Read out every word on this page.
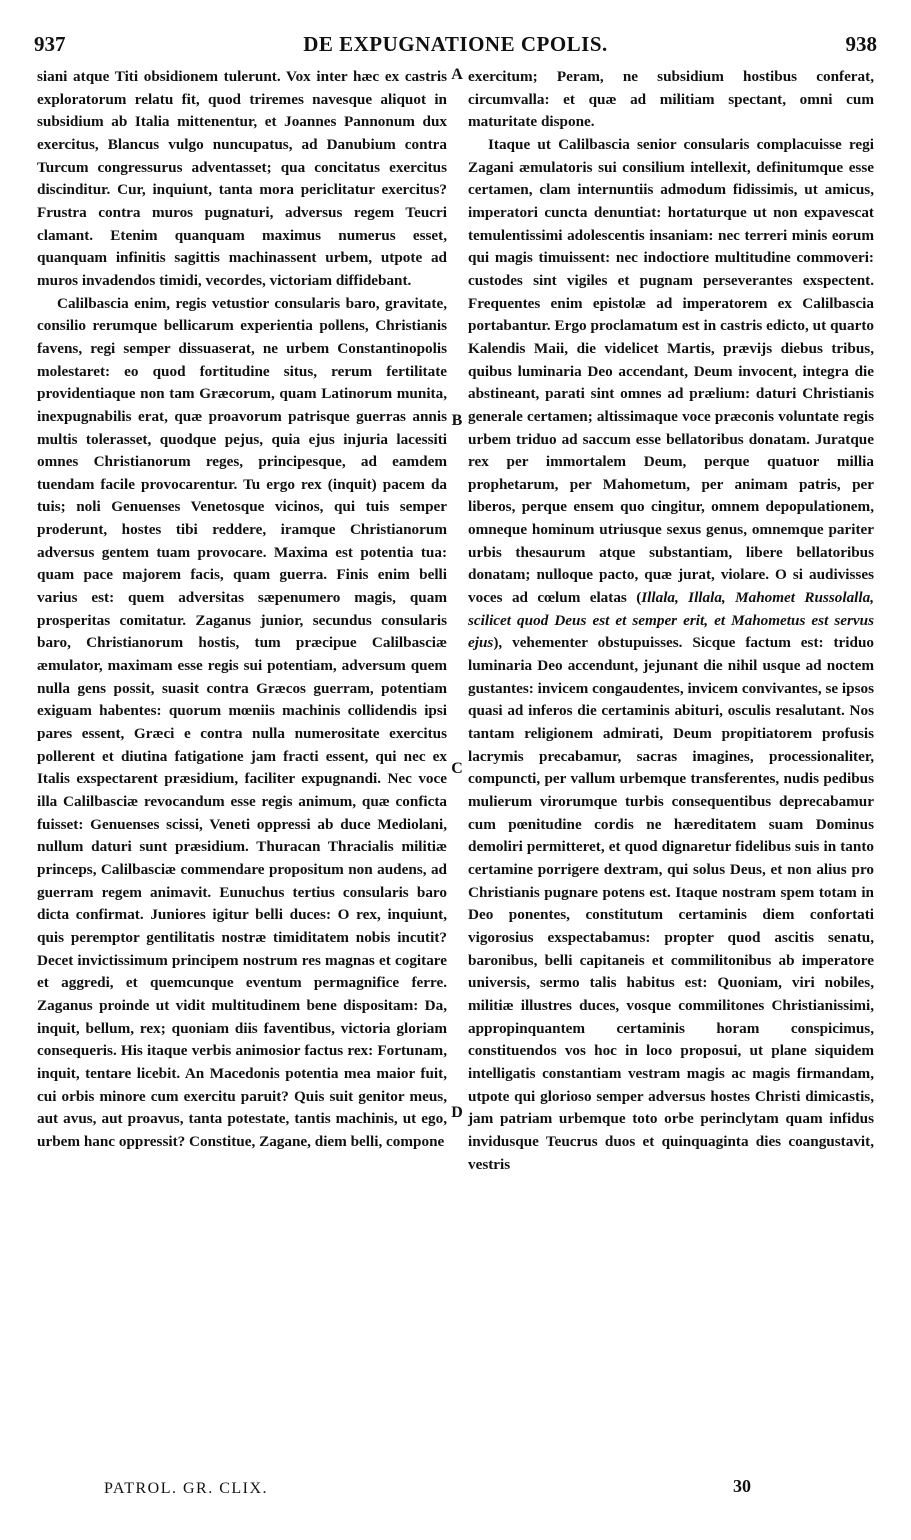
937	DE EXPUGNATIONE CPOLIS.	938

siani atque Titi obsidionem tulerunt. Vox inter hæc ex castris exploratorum relatu fit, quod triremes navesque aliquot in subsidium ab Italia mittenentur, et Joannes Pannonum dux exercitus, Blancus vulgo nuncupatus, ad Danubium contra Turcum congressurus adventasset; qua concitatus exercitus discinditur. Cur, inquiunt, tanta mora periclitatur exercitus? Frustra contra muros pugnaturi, adversus regem Teucri clamant. Etenim quanquam maximus numerus esset, quanquam infinitis sagittis machinassent urbem, utpote ad muros invadendos timidi, vecordes, victoriam diffidebant.

Calilbascia enim, regis vetustior consularis baro, gravitate, consilio rerumque bellicarum experientia pollens, Christianis favens, regi semper dissuaserat, ne urbem Constantinopolis molestaret: eo quod fortitudine situs, rerum fertilitate providentiaque non tam Græcorum, quam Latinorum munita, inexpugnabilis erat, quæ proavorum patrisque guerras annis multis tolerasset, quodque pejus, quia ejus injuria lacessiti omnes Christianorum reges, principesque, ad eamdem tuendam facile provocarentur. Tu ergo rex (inquit) pacem da tuis; noli Genuenses Venetosque vicinos, qui tuis semper proderunt, hostes tibi reddere, iramque Christianorum adversus gentem tuam provocare. Maxima est potentia tua: quam pace majorem facis, quam guerra. Finis enim belli varius est: quem adversitas sæpenumero magis, quam prosperitas comitatur. Zaganus junior, secundus consularis baro, Christianorum hostis, tum præcipue Calilbasciæ æmulator, maximam esse regis sui potentiam, adversum quem nulla gens possit, suasit contra Græcos guerram, potentiam exiguam habentes: quorum mœniis machinis collidendis ipsi pares essent, Græci e contra nulla numerositate exercitus pollerent et diutina fatigatione jam fracti essent, qui nec ex Italis exspectarent præsidium, faciliter expugnandi. Nec voce illa Calilbasciæ revocandum esse regis animum, quæ conficta fuisset: Genuenses scissi, Veneti oppressi ab duce Mediolani, nullum daturi sunt præsidium. Thuracan Thracialis militiæ princeps, Calilbasciæ commendare propositum non audens, ad guerram regem animavit. Eunuchus tertius consularis baro dicta confirmat. Juniores igitur belli duces: O rex, inquiunt, quis peremptor gentilitatis nostræ timiditatem nobis incutit? Decet invictissimum principem nostrum res magnas et cogitare et aggredi, et quemcunque eventum permagnifice ferre. Zaganus proinde ut vidit multitudinem bene dispositam: Da, inquit, bellum, rex; quoniam diis faventibus, victoria gloriam consequeris. His itaque verbis animosior factus rex: Fortunam, inquit, tentare licebit. An Macedonis potentia mea maior fuit, cui orbis minore cum exercitu paruit? Quis suit genitor meus, aut avus, aut proavus, tanta potestate, tantis machinis, ut ego, urbem hanc oppressit? Constitue, Zagane, diem belli, compone

A
B
C
D

exercitum; Peram, ne subsidium hostibus conferat, circumvalla: et quæ ad militiam spectant, omni cum maturitate dispone.

Itaque ut Calilbascia senior consularis complacuisse regi Zagani æmulatoris sui consilium intellexit, definitumque esse certamen, clam internuntiis admodum fidissimis, ut amicus, imperatori cuncta denuntiat: hortaturque ut non expavescat temulentissimi adolescentis insaniam: nec terreri minis eorum qui magis timuissent: nec indoctiore multitudine commoveri: custodes sint vigiles et pugnam perseverantes exspectent. Frequentes enim epistolæ ad imperatorem ex Calilbascia portabantur. Ergo proclamatum est in castris edicto, ut quarto Kalendis Maii, die videlicet Martis, prævijs diebus tribus, quibus luminaria Deo accendant, Deum invocent, integra die abstineant, parati sint omnes ad prælium: daturi Christianis generale certamen; altissimaque voce præconis voluntate regis urbem triduo ad saccum esse bellatoribus donatam. Juratque rex per immortalem Deum, perque quatuor millia prophetarum, per Mahometum, per animam patris, per liberos, perque ensem quo cingitur, omnem depopulationem, omneque hominum utriusque sexus genus, omnemque pariter urbis thesaurum atque substantiam, libere bellatoribus donatam; nulloque pacto, quæ jurat, violare. O si audivisses voces ad cœlum elatas (Illala, Illala, Mahomet Russolalla, scilicet quod Deus est et semper erit, et Mahometus est servus ejus), vehementer obstupuisses. Sicque factum est: triduo luminaria Deo accendunt, jejunant die nihil usque ad noctem gustantes: invicem congaudentes, invicem convivantes, se ipsos quasi ad inferos die certaminis abituri, osculis resalutant. Nos tantam religionem admirati, Deum propitiatorem profusis lacrymis precabamur, sacras imagines, processionaliter, compuncti, per vallum urbemque transferentes, nudis pedibus mulierum virorumque turbis consequentibus deprecabamur cum pœnitudine cordis ne hæreditatem suam Dominus demoliri permitteret, et quod dignaretur fidelibus suis in tanto certamine porrigere dextram, qui solus Deus, et non alius pro Christianis pugnare potens est. Itaque nostram spem totam in Deo ponentes, constitutum certaminis diem confortati vigorosius exspectabamus: propter quod ascitis senatu, baronibus, belli capitaneis et commilitonibus ab imperatore universis, sermo talis habitus est: Quoniam, viri nobiles, militiæ illustres duces, vosque commilitones Christianissimi, appropinquantem certaminis horam conspicimus, constituendos vos hoc in loco proposui, ut plane siquidem intelligatis constantiam vestram magis ac magis firmandam, utpote qui glorioso semper adversus hostes Christi dimicastis, jam patriam urbemque toto orbe perinclytam quam infidus invidusque Teucrus duos et quinquaginta dies coangustavit, vestris

PATROL. GR. CLIX.	30
